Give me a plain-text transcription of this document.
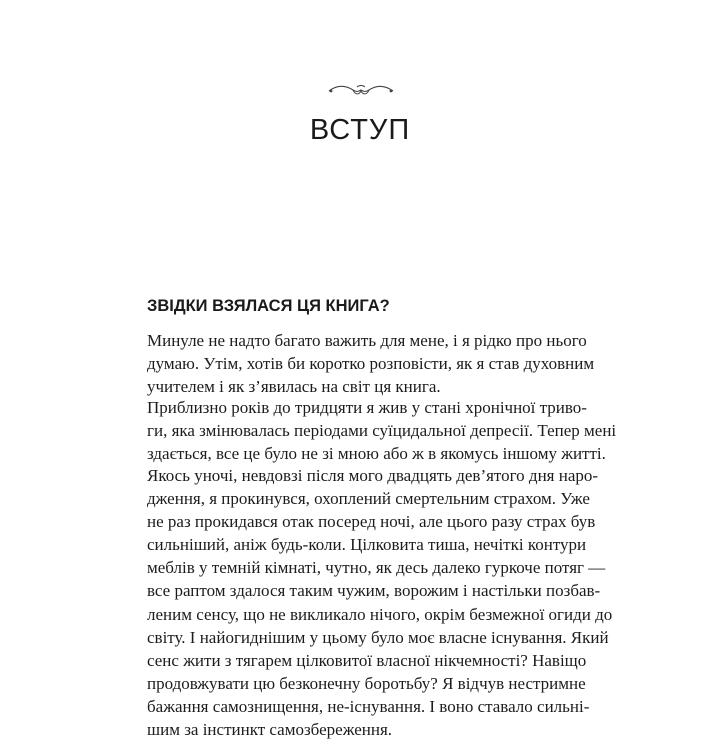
ВСТУП
ЗВІДКИ ВЗЯЛАСЯ ЦЯ КНИГА?

Минуле не надто багато важить для мене, і я рідко про нього
думаю. Утім, хотів би коротко розповісти, як я став духовним
учителем і як з’явилась на світ ця книга.

Приблизно років до тридцяти я жив у стані хронічної триво-
ги, яка змінювалась періодами суїцидальної депресії. Тепер мені
здається, все це було не зі мною або ж в якомусь іншому житті.

Якось уночі, невдовзі після мого двадцять дев’ятого дня наро-
дження, я прокинувся, охоплений смертельним страхом. Уже
не раз прокидався отак посеред ночі, але цього разу страх був
сильніший, аніж будь-коли. Цілковита тиша, нечіткі контури
меблів у темній кімнаті, чутно, як десь далеко гуркоче потяг —
все раптом здалося таким чужим, ворожим і настільки позбав-
леним сенсу, що не викликало нічого, окрім безмежної огиди до
світу. І найогиднішим у цьому було моє власне існування. Який
сенс жити з тягарем цілковитої власної нікчемності? Навіщо
продовжувати цю безконечну боротьбу? Я відчув нестримне
бажання самознищення, не-існування. І воно ставало сильні-
шим за інстинкт самозбереження.
